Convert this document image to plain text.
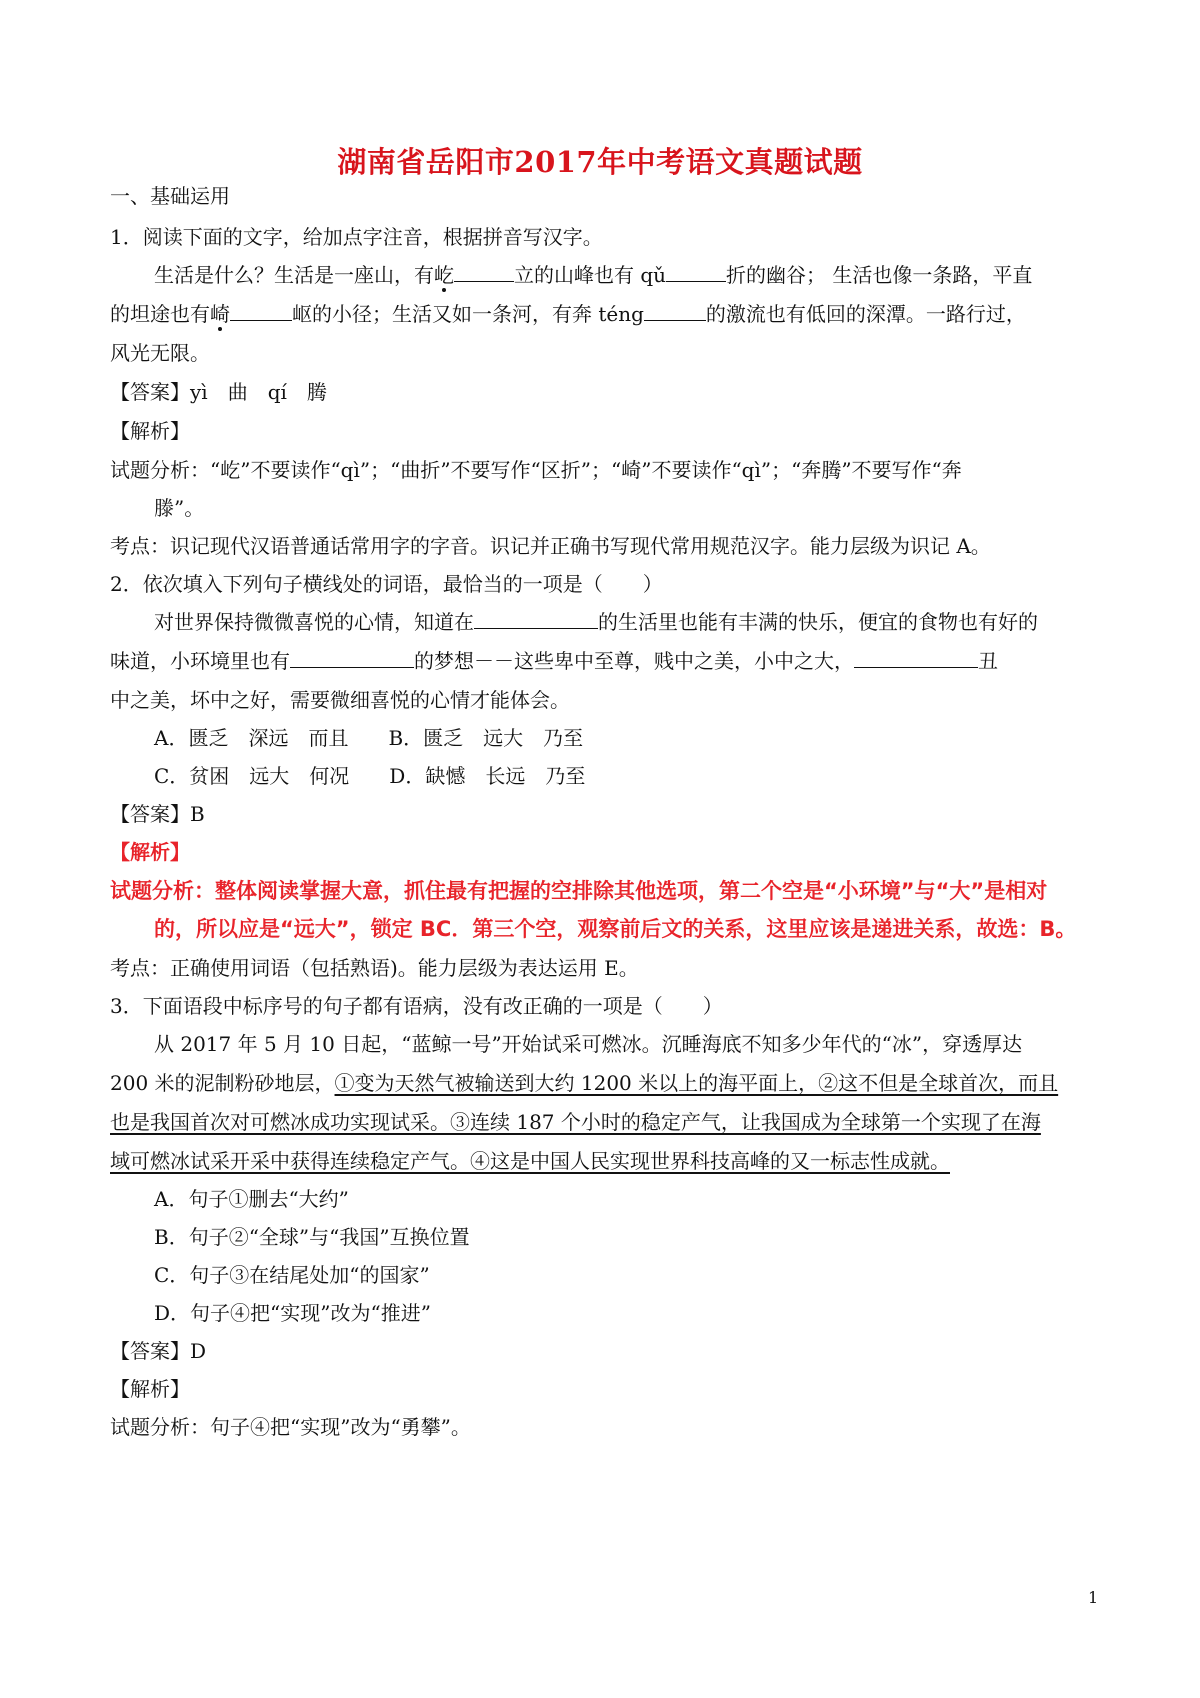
湖南省岳阳市2017年中考语文真题试题
一、基础运用
1．阅读下面的文字，给加点字注音，根据拼音写汉字。
生活是什么？生活是一座山，有屹	立的山峰也有 qǔ	折的幽谷； 生活也像一条路，平直
的坦途也有崎	岖的小径；生活又如一条河，有奔 téng	的激流也有低回的深潭。一路行过，
风光无限。
【答案】yì　曲　qí　腾
【解析】
试题分析：“屹”不要读作“qì”；“曲折”不要写作“区折”；“崎”不要读作“qì”；“奔腾”不要写作“奔
滕”。
考点：识记现代汉语普通话常用字的字音。识记并正确书写现代常用规范汉字。能力层级为识记 A。
2．依次填入下列句子横线处的词语，最恰当的一项是（　　）
对世界保持微微喜悦的心情，知道在	的生活里也能有丰满的快乐，便宜的食物也有好的
味道，小环境里也有	的梦想－－这些卑中至尊，贱中之美，小中之大，	丑
中之美，坏中之好，需要微细喜悦的心情才能体会。
A．匮乏　深远　而且　　B．匮乏　远大　乃至
C．贫困　远大　何况　　D．缺憾　长远　乃至
【答案】B
【解析】
试题分析：整体阅读掌握大意，抓住最有把握的空排除其他选项，第二个空是“小环境”与“大”是相对
的，所以应是“远大”，锁定 BC．第三个空，观察前后文的关系，这里应该是递进关系，故选：B。
考点：正确使用词语（包括熟语)。能力层级为表达运用 E。
3．下面语段中标序号的句子都有语病，没有改正确的一项是（　　）
从 2017 年 5 月 10 日起，“蓝鲸一号”开始试采可燃冰。沉睡海底不知多少年代的“冰”，穿透厚达
200 米的泥制粉砂地层，①变为天然气被输送到大约 1200 米以上的海平面上，②这不但是全球首次，而且
也是我国首次对可燃冰成功实现试采。③连续 187 个小时的稳定产气，让我国成为全球第一个实现了在海
域可燃冰试采开采中获得连续稳定产气。④这是中国人民实现世界科技高峰的又一标志性成就。
A．句子①删去“大约”
B．句子②“全球”与“我国”互换位置
C．句子③在结尾处加“的国家”
D．句子④把“实现”改为“推进”
【答案】D
【解析】
试题分析：句子④把“实现”改为“勇攀”。
1
